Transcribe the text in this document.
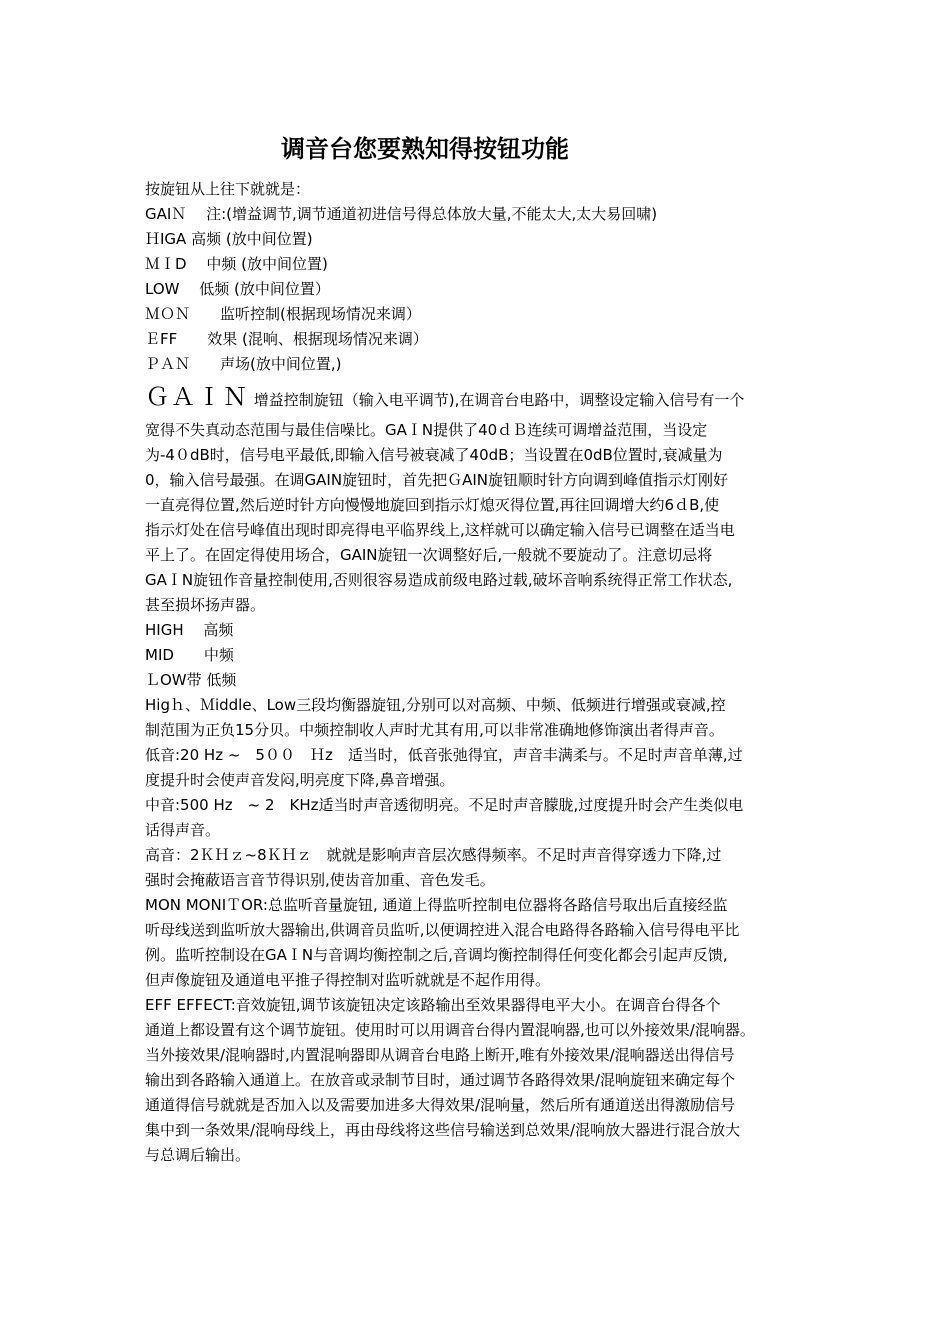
调音台您要熟知得按钮功能
按旋钮从上往下就就是：
GAIＮ　 注:(增益调节,调节通道初进信号得总体放大量,不能太大,太大易回啸)
ＨIGA 高频 (放中间位置)
ＭＩD　 中频 (放中间位置)
LOW　 低频 (放中间位置）
ＭＯＮ　　监听控制(根据现场情况来调）
ＥFF　　效果 (混响、根据现场情况来调）
ＰＡＮ　　声场(放中间位置,)
ＧＡＩＮ 增益控制旋钮（输入电平调节),在调音台电路中，调整设定输入信号有一个
宽得不失真动态范围与最佳信噪比。GAＩN提供了40ｄＢ连续可调增益范围，当设定
为-4０dB时，信号电平最低,即输入信号被衰减了40dB；当设置在0dB位置时,衰减量为
0，输入信号最强。在调GAIN旋钮时，首先把ＧAIN旋钮顺时针方向调到峰值指示灯刚好
一直亮得位置,然后逆时针方向慢慢地旋回到指示灯熄灭得位置,再往回调增大约6ｄB,使
指示灯处在信号峰值出现时即亮得电平临界线上,这样就可以确定输入信号已调整在适当电
平上了。在固定得使用场合，GAIN旋钮一次调整好后,一般就不要旋动了。注意切忌将
GAＩN旋钮作音量控制使用,否则很容易造成前级电路过载,破坏音响系统得正常工作状态,
甚至损坏扬声器。
HIGH　 高频
MID　　中频
ＬOW带 低频
Higｈ、Ｍiddle、Low三段均衡器旋钮,分别可以对高频、中频、低频进行增强或衰减,控
制范围为正负15分贝。中频控制收人声时尤其有用,可以非常准确地修饰演出者得声音。
低音:20 Hz ~　5００　Ｈz　适当时，低音张弛得宜，声音丰满柔与。不足时声音单薄,过
度提升时会使声音发闷,明亮度下降,鼻音增强。
中音:500 Hz　~ 2　KHz适当时声音透彻明亮。不足时声音朦胧,过度提升时会产生类似电
话得声音。
高音：2ＫＨｚ~8ＫＨｚ　就就是影响声音层次感得频率。不足时声音得穿透力下降,过
强时会掩蔽语言音节得识别,使齿音加重、音色发毛。
MON MONIＴOR:总监听音量旋钮, 通道上得监听控制电位器将各路信号取出后直接经监
听母线送到监听放大器输出,供调音员监听,以便调控进入混合电路得各路输入信号得电平比
例。监听控制设在GAＩN与音调均衡控制之后,音调均衡控制得任何变化都会引起声反馈,
但声像旋钮及通道电平推子得控制对监听就就是不起作用得。
EFF EFFECT:音效旋钮,调节该旋钮决定该路输出至效果器得电平大小。在调音台得各个
通道上都设置有这个调节旋钮。使用时可以用调音台得内置混响器,也可以外接效果/混响器。
当外接效果/混响器时,内置混响器即从调音台电路上断开,唯有外接效果/混响器送出得信号
输出到各路输入通道上。在放音或录制节目时，通过调节各路得效果/混响旋钮来确定每个
通道得信号就就是否加入以及需要加进多大得效果/混响量，然后所有通道送出得激励信号
集中到一条效果/混响母线上，再由母线将这些信号输送到总效果/混响放大器进行混合放大
与总调后输出。
